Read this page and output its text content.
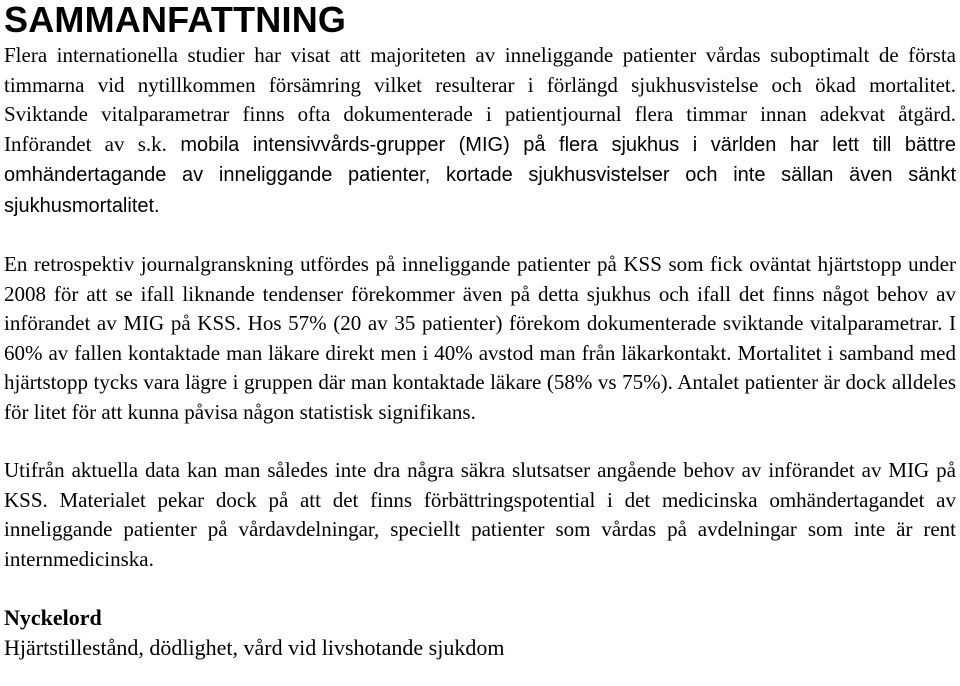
SAMMANFATTNING

Flera internationella studier har visat att majoriteten av inneliggande patienter vårdas suboptimalt de första timmarna vid nytillkommen försämring vilket resulterar i förlängd sjukhusvistelse och ökad mortalitet. Sviktande vitalparametrar finns ofta dokumenterade i patientjournal flera timmar innan adekvat åtgärd. Införandet av s.k. mobila intensivvårds-grupper (MIG) på flera sjukhus i världen har lett till bättre omhändertagande av inneliggande patienter, kortade sjukhusvistelser och inte sällan även sänkt sjukhusmortalitet.

En retrospektiv journalgranskning utfördes på inneliggande patienter på KSS som fick oväntat hjärtstopp under 2008 för att se ifall liknande tendenser förekommer även på detta sjukhus och ifall det finns något behov av införandet av MIG på KSS. Hos 57% (20 av 35 patienter) förekom dokumenterade sviktande vitalparametrar. I 60% av fallen kontaktade man läkare direkt men i 40% avstod man från läkarkontakt. Mortalitet i samband med hjärtstopp tycks vara lägre i gruppen där man kontaktade läkare (58% vs 75%). Antalet patienter är dock alldeles för litet för att kunna påvisa någon statistisk signifikans.

Utifrån aktuella data kan man således inte dra några säkra slutsatser angående behov av införandet av MIG på KSS. Materialet pekar dock på att det finns förbättringspotential i det medicinska omhändertagandet av inneliggande patienter på vårdavdelningar, speciellt patienter som vårdas på avdelningar som inte är rent internmedicinska.

Nyckelord

Hjärtstillestånd, dödlighet, vård vid livshotande sjukdom
